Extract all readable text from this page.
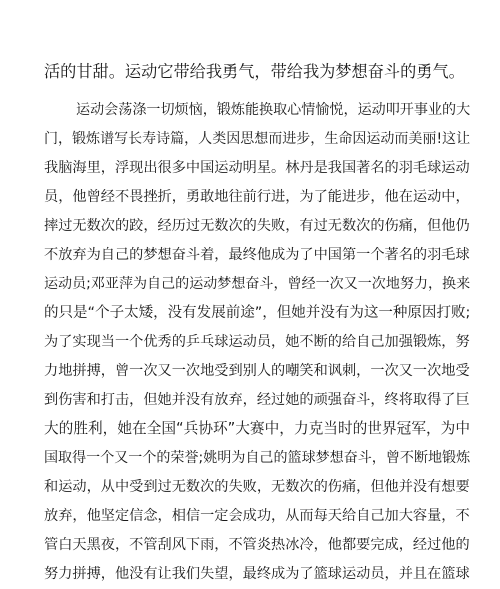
活的甘甜。运动它带给我勇气，带给我为梦想奋斗的勇气。
运动会荡涤一切烦恼，锻炼能换取心情愉悦，运动叩开事业的大
门，锻炼谱写长寿诗篇，人类因思想而进步，生命因运动而美丽!这让
我脑海里，浮现出很多中国运动明星。林丹是我国著名的羽毛球运动
员，他曾经不畏挫折，勇敢地往前行进，为了能进步，他在运动中，
摔过无数次的跤，经历过无数次的失败，有过无数次的伤痛，但他仍
不放弃为自己的梦想奋斗着，最终他成为了中国第一个著名的羽毛球
运动员;邓亚萍为自己的运动梦想奋斗，曾经一次又一次地努力，换来
的只是“个子太矮，没有发展前途”，但她并没有为这一种原因打败;
为了实现当一个优秀的乒乓球运动员，她不断的给自己加强锻炼，努
力地拼搏，曾一次又一次地受到别人的嘲笑和讽刺，一次又一次地受
到伤害和打击，但她并没有放弃，经过她的顽强奋斗，终将取得了巨
大的胜利，她在全国“兵协环”大赛中，力克当时的世界冠军，为中
国取得一个又一个的荣誉;姚明为自己的篮球梦想奋斗，曾不断地锻炼
和运动，从中受到过无数次的失败，无数次的伤痛，但他并没有想要
放弃，他坚定信念，相信一定会成功，从而每天给自己加大容量，不
管白天黑夜，不管刮风下雨，不管炎热冰冷，他都要完成，经过他的
努力拼搏，他没有让我们失望，最终成为了篮球运动员，并且在篮球
